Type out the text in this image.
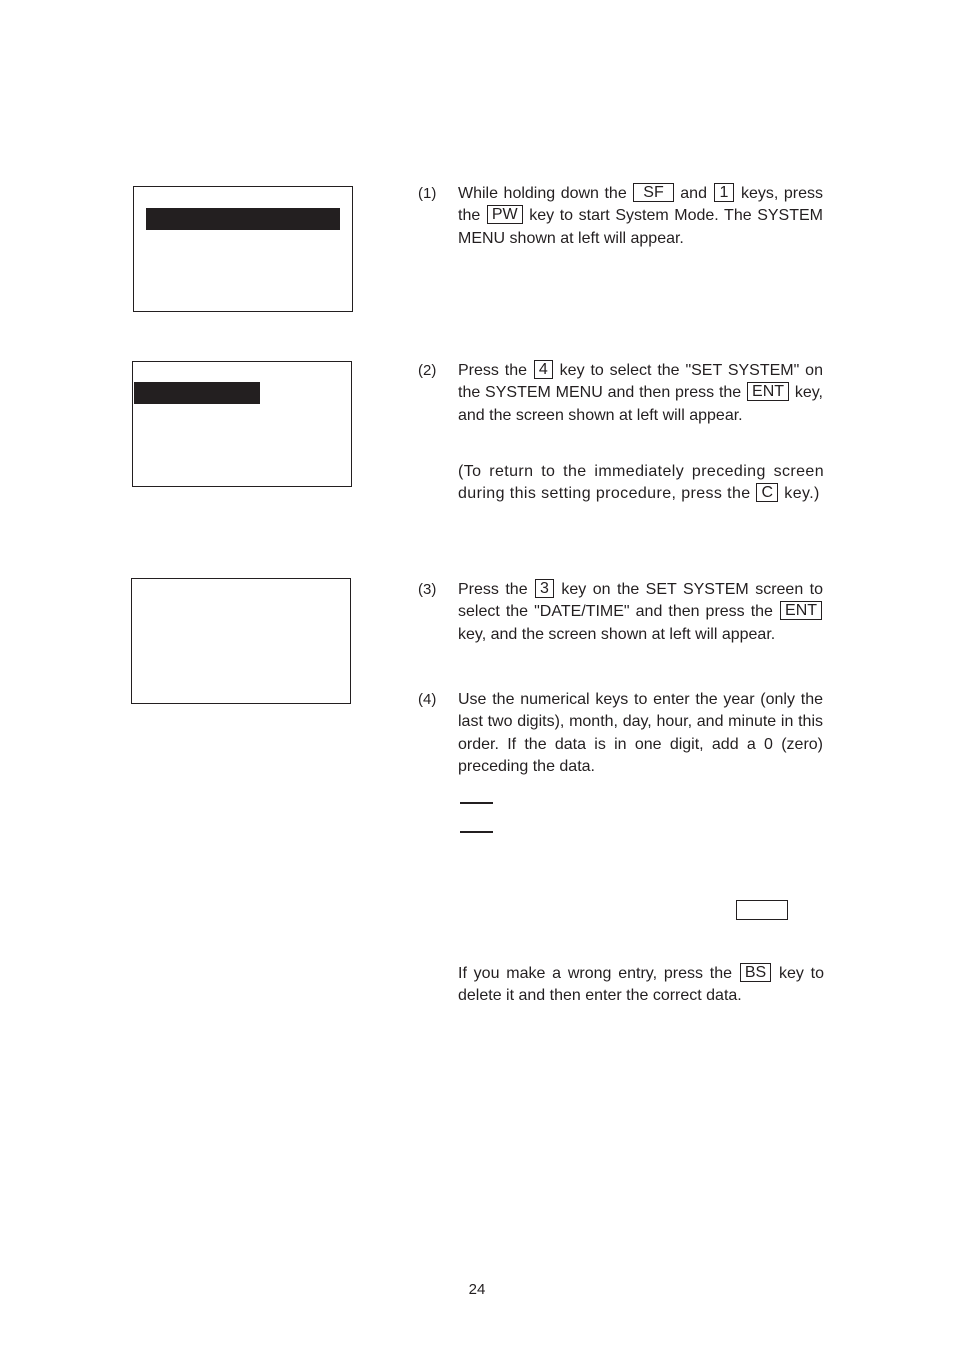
(1) While holding down the SF and 1 keys, press the PW key to start System Mode. The SYSTEM MENU shown at left will appear.
(2) Press the 4 key to select the "SET SYSTEM" on the SYSTEM MENU and then press the ENT key, and the screen shown at left will appear.
(To return to the immediately preceding screen during this setting procedure, press the C key.)
(3) Press the 3 key on the SET SYSTEM screen to select the "DATE/TIME" and then press the ENT key, and the screen shown at left will appear.
(4) Use the numerical keys to enter the year (only the last two digits), month, day, hour, and minute in this order. If the data is in one digit, add a 0 (zero) preceding the data.
If you make a wrong entry, press the BS key to delete it and then enter the correct data.
24
